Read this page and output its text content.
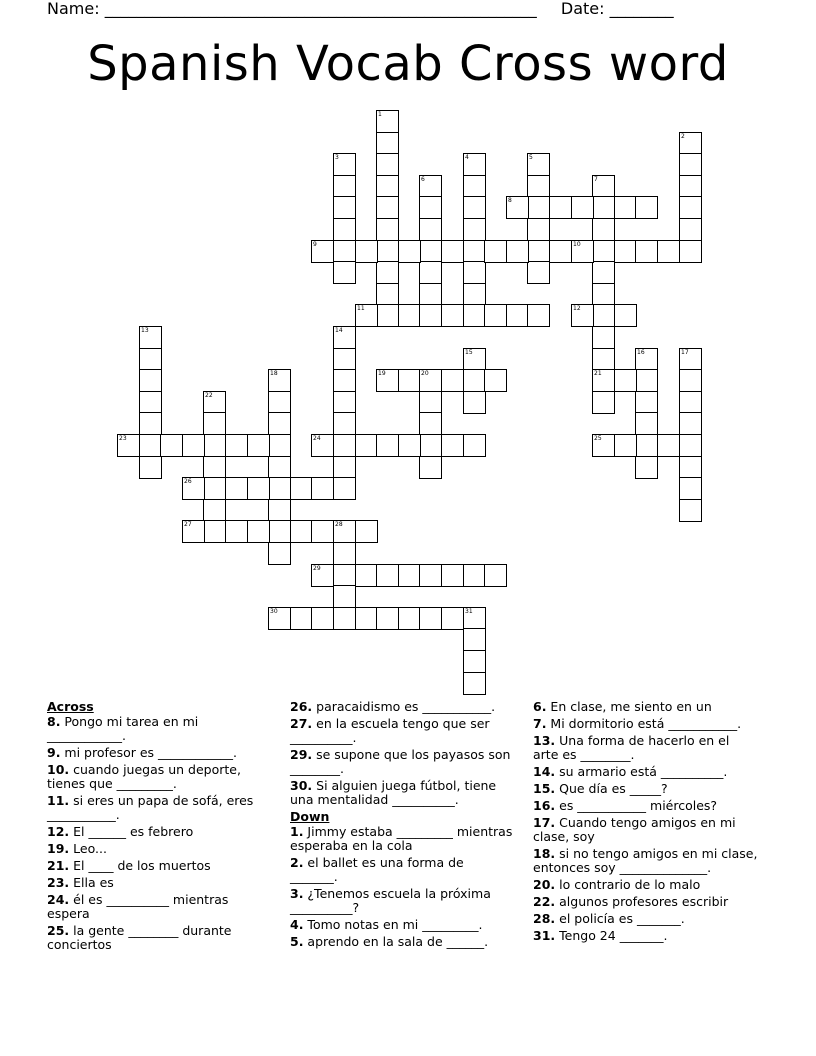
Name: ______________________________________________________ Date: ________
Spanish Vocab Cross word
1
2
3	4	5
6	7
21
8
9	10
11	12
13	14
15	16	17
18	19	20
22
23	24	25
26
27	28
29
30	31
Across
8. Pongo mi tarea en mi ____________.
9. mi profesor es ____________.
10. cuando juegas un deporte, tienes que _________.
11. si eres un papa de sofá, eres ___________.
12. El ______ es febrero
19. Leo...
21. El ____ de los muertos
23. Ella es
24. él es __________ mientras espera
25. la gente ________ durante conciertos
26. paracaidismo es ___________.
27. en la escuela tengo que ser __________.
29. se supone que los payasos son ________.
30. Si alguien juega fútbol, tiene una mentalidad __________.
Down
1. Jimmy estaba _________ mientras esperaba en la cola
2. el ballet es una forma de _______.
3. ¿Tenemos escuela la próxima __________?
4. Tomo notas en mi _________.
5. aprendo en la sala de ______.
6. En clase, me siento en un
7. Mi dormitorio está ___________.
13. Una forma de hacerlo en el arte es ________.
14. su armario está __________.
15. Que día es _____?
16. es ___________ miércoles?
17. Cuando tengo amigos en mi clase, soy
18. si no tengo amigos en mi clase, entonces soy ______________.
20. lo contrario de lo malo
22. algunos profesores escribir
28. el policía es _______.
31. Tengo 24 _______.
